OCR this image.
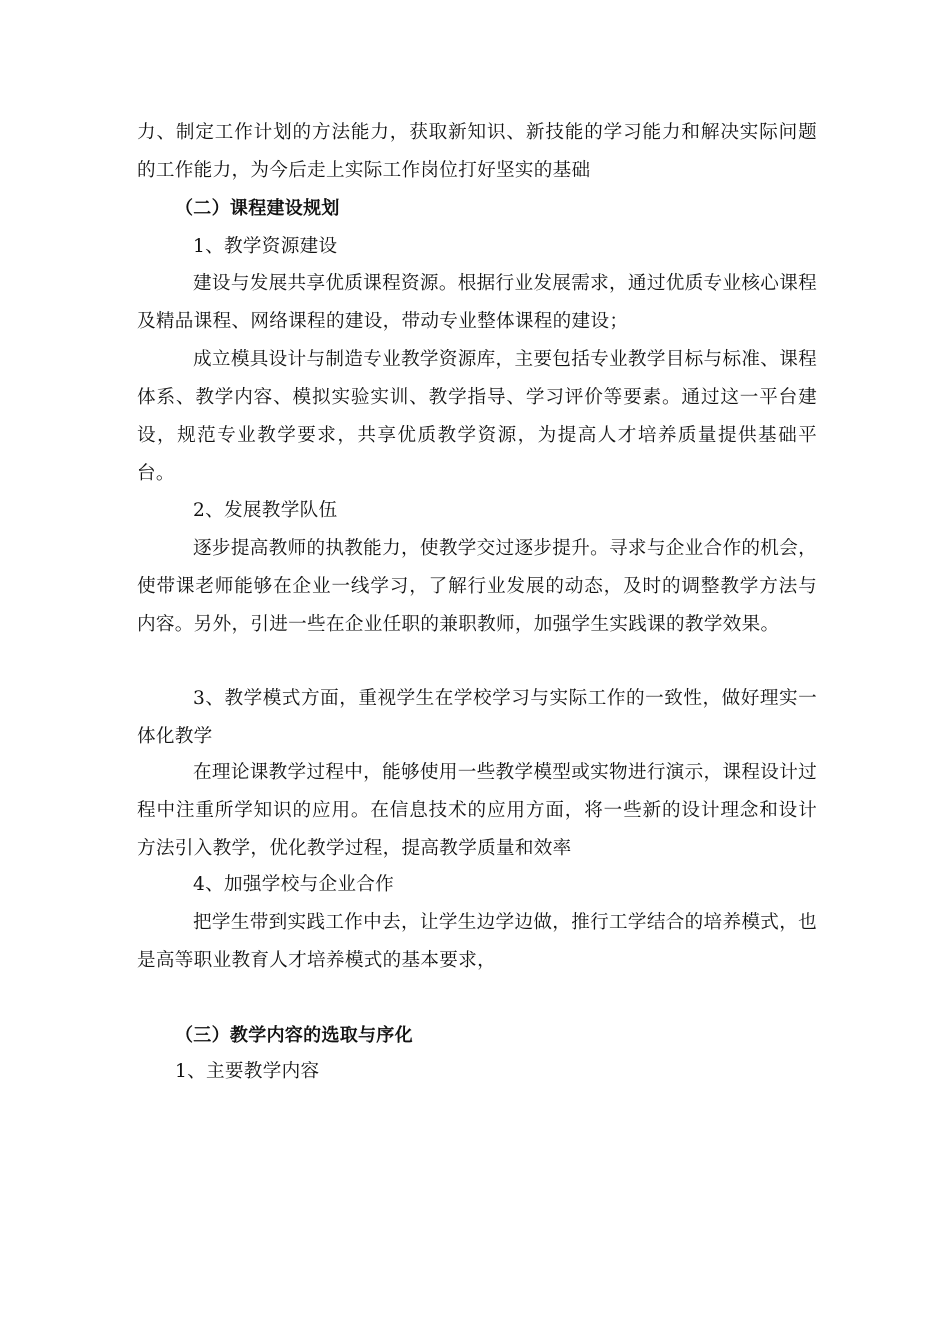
力、制定工作计划的方法能力，获取新知识、新技能的学习能力和解决实际问题的工作能力，为今后走上实际工作岗位打好坚实的基础

（二）课程建设规划

1、教学资源建设

建设与发展共享优质课程资源。根据行业发展需求，通过优质专业核心课程及精品课程、网络课程的建设，带动专业整体课程的建设；

成立模具设计与制造专业教学资源库，主要包括专业教学目标与标准、课程体系、教学内容、模拟实验实训、教学指导、学习评价等要素。通过这一平台建设，规范专业教学要求，共享优质教学资源，为提高人才培养质量提供基础平台。

2、发展教学队伍

逐步提高教师的执教能力，使教学交过逐步提升。寻求与企业合作的机会，使带课老师能够在企业一线学习，了解行业发展的动态，及时的调整教学方法与内容。另外，引进一些在企业任职的兼职教师，加强学生实践课的教学效果。

3、教学模式方面，重视学生在学校学习与实际工作的一致性，做好理实一体化教学

在理论课教学过程中，能够使用一些教学模型或实物进行演示，课程设计过程中注重所学知识的应用。在信息技术的应用方面，将一些新的设计理念和设计方法引入教学，优化教学过程，提高教学质量和效率

4、加强学校与企业合作

把学生带到实践工作中去，让学生边学边做，推行工学结合的培养模式，也是高等职业教育人才培养模式的基本要求，

（三）教学内容的选取与序化

1、主要教学内容
